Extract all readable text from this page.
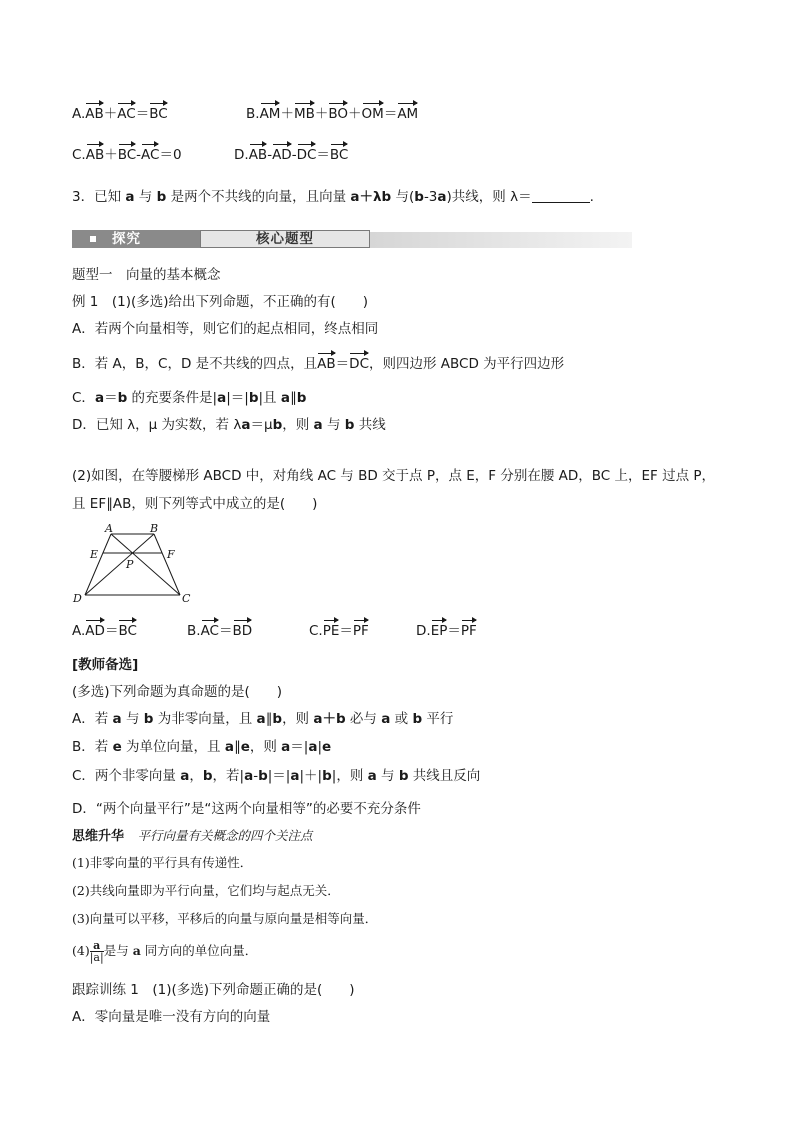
A.AB＋AC＝BC	B.AM＋MB＋BO＋OM＝AM
C.AB＋BC-AC＝0	D.AB-AD-DC＝BC
3．已知 a 与 b 是两个不共线的向量，且向量 a＋λb 与(b-3a)共线，则 λ＝	.
探究	核心题型
题型一　向量的基本概念
例 1　(1)(多选)给出下列命题，不正确的有(　　)
A．若两个向量相等，则它们的起点相同，终点相同
B．若 A，B，C，D 是不共线的四点，且AB＝DC，则四边形 ABCD 为平行四边形
C．a＝b 的充要条件是|a|＝|b|且 a∥b
D．已知 λ，μ 为实数，若 λa＝μb，则 a 与 b 共线
(2)如图，在等腰梯形 ABCD 中，对角线 AC 与 BD 交于点 P，点 E，F 分别在腰 AD，BC 上，EF 过点 P，
且 EF∥AB，则下列等式中成立的是(　　)
A	B
C
D
E	F
P
A.AD＝BC	B.AC＝BD	C.PE＝PF	D.EP＝PF
[教师备选]
(多选)下列命题为真命题的是(　　)
A．若 a 与 b 为非零向量，且 a∥b，则 a＋b 必与 a 或 b 平行
B．若 e 为单位向量，且 a∥e，则 a＝|a|e
C．两个非零向量 a，b，若|a-b|＝|a|＋|b|，则 a 与 b 共线且反向
D．“两个向量平行”是“这两个向量相等”的必要不充分条件
思维升华　 平行向量有关概念的四个关注点
(1)非零向量的平行具有传递性．
(2)共线向量即为平行向量，它们均与起点无关．
(3)向量可以平移，平移后的向量与原向量是相等向量．
$(4) \frac{a}{|a|}$ 是与 a 同方向的单位向量．
跟踪训练 1　(1)(多选)下列命题正确的是(　　)
A．零向量是唯一没有方向的向量
